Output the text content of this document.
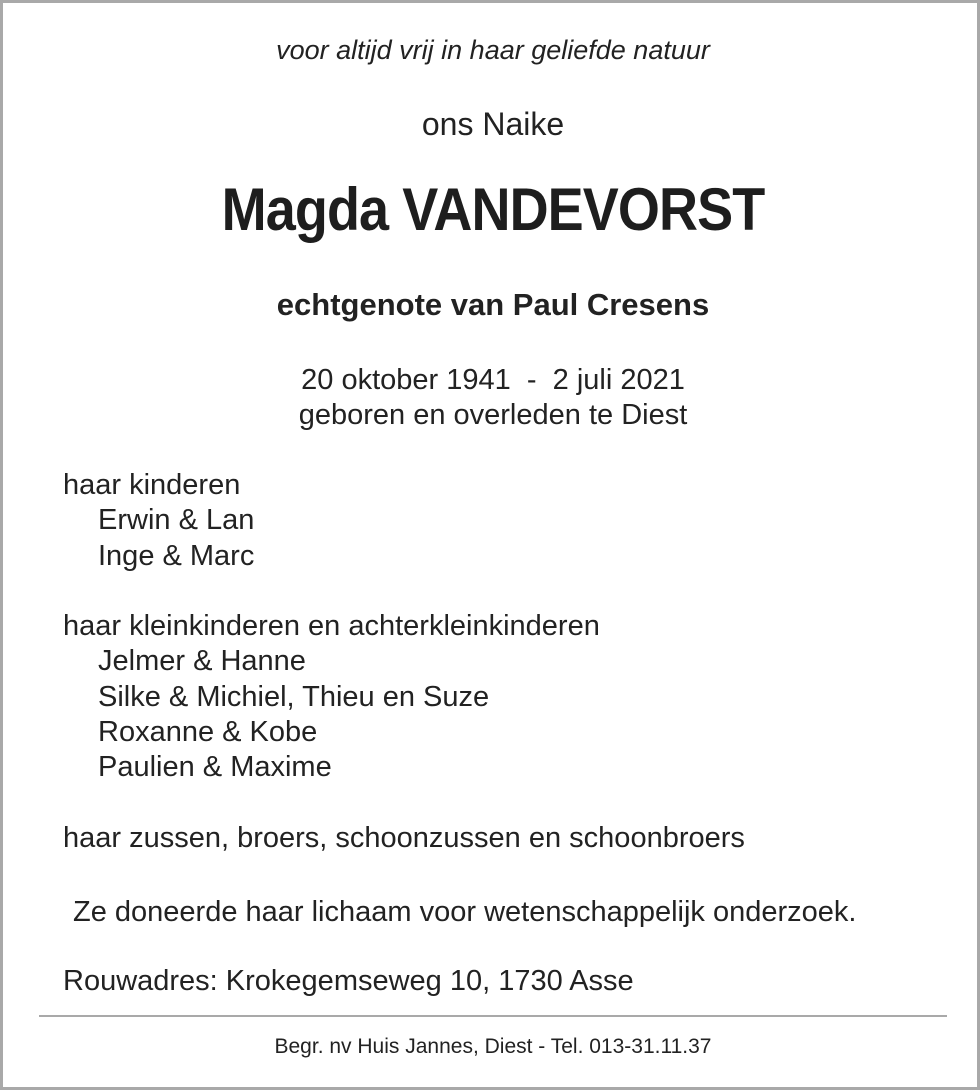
voor altijd vrij in haar geliefde natuur
ons Naike
Magda VANDEVORST
echtgenote van Paul Cresens
20 oktober 1941  -  2 juli 2021
geboren en overleden te Diest
haar kinderen
Erwin & Lan
Inge & Marc
haar kleinkinderen en achterkleinkinderen
Jelmer & Hanne
Silke & Michiel, Thieu en Suze
Roxanne & Kobe
Paulien & Maxime
haar zussen, broers, schoonzussen en schoonbroers
Ze doneerde haar lichaam voor wetenschappelijk onderzoek.
Rouwadres: Krokegemseweg 10, 1730 Asse
Begr. nv Huis Jannes, Diest - Tel. 013-31.11.37
